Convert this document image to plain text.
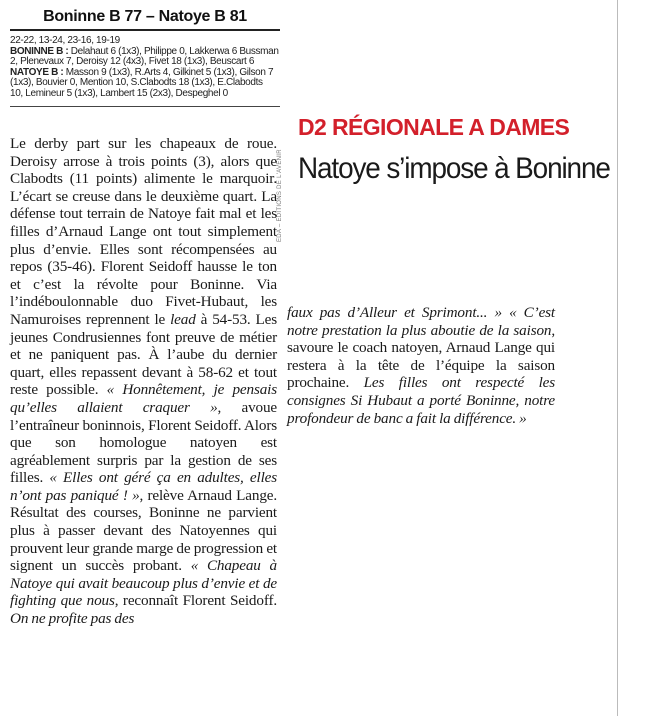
Boninne B 77 – Natoye B 81
22-22, 13-24, 23-16, 19-19
BONINNE B : Delahaut 6 (1x3), Philippe 0, Lakkerwa 6 Bussman
2, Plenevaux 7, Deroisy 12 (4x3), Fivet 18 (1x3), Beuscart 6
NATOYE B : Masson 9 (1x3), R.Arts 4, Gilkinet 5 (1x3), Gilson 7
(1x3), Bouvier 0, Mention 10, S.Clabodts 18 (1x3), E.Clabodts
10, Lemineur 5 (1x3), Lambert 15 (2x3), Despeghel 0
Le derby part sur les chapeaux de roue. Deroisy arrose à trois points (3), alors que Clabodts (11 points) alimente le marquoir. L’écart se creuse dans le deuxième quart. La défense tout terrain de Natoye fait mal et les filles d’Arnaud Lange ont tout simplement plus d’envie. Elles sont récompensées au repos (35-46). Florent Seidoff hausse le ton et c’est la révolte pour Boninne. Via l’indéboulonnable duo Fivet-Hubaut, les Namuroises reprennent le lead à 54-53. Les jeunes Condrusiennes font preuve de métier et ne paniquent pas. À l’aube du dernier quart, elles repassent devant à 58-62 et tout reste possible. « Honnêtement, je pensais qu’elles allaient craquer », avoue l’entraîneur boninnois, Florent Seidoff. Alors que son homologue natoyen est agréablement surpris par la gestion de ses filles. « Elles ont géré ça en adultes, elles n’ont pas paniqué ! », relève Arnaud Lange. Résultat des courses, Boninne ne parvient plus à passer devant des Natoyennes qui prouvent leur grande marge de progression et signent un succès probant. « Chapeau à Natoye qui avait beaucoup plus d’envie et de fighting que nous, reconnaît Florent Seidoff. On ne profite pas des
ÉDA – ÉDITIONS DE L'AVENIR
D2 RÉGIONALE A DAMES
Natoye s’impose à Boninne
faux pas d’Alleur et Sprimont... » « C’est notre prestation la plus aboutie de la saison, savoure le coach natoyen, Arnaud Lange qui restera à la tête de l’équipe la saison prochaine. Les filles ont respecté les consignes Si Hubaut a porté Boninne, notre profondeur de banc a fait la différence. »
